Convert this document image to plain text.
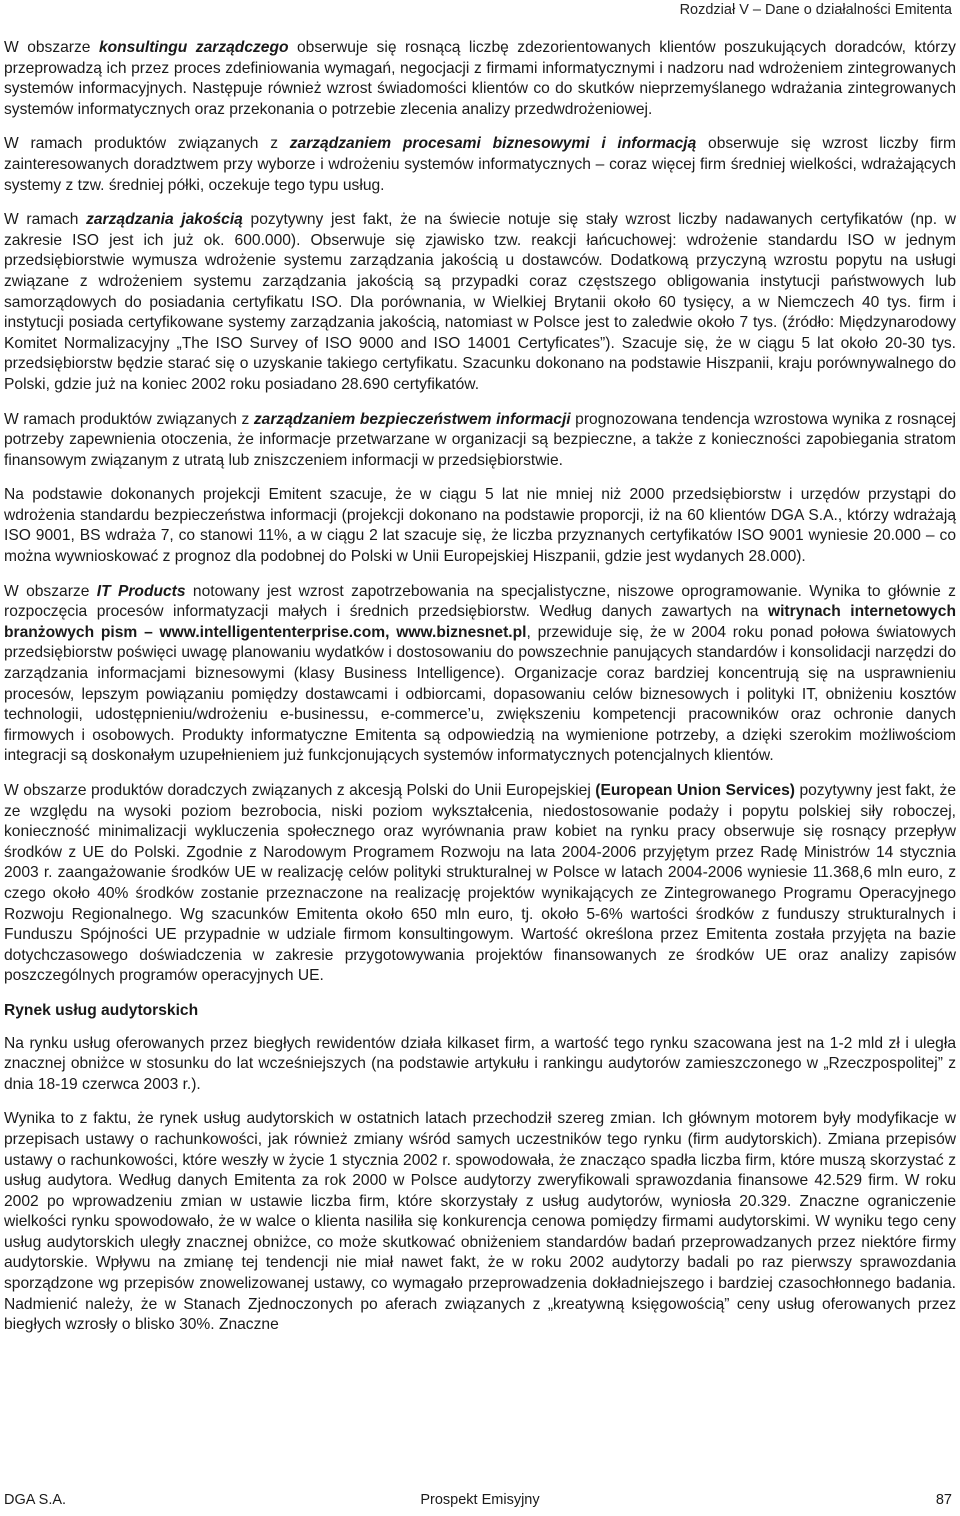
Rozdział V – Dane o działalności Emitenta

W obszarze konsultingu zarządczego obserwuje się rosnącą liczbę zdezorientowanych klientów poszukujących doradców, którzy przeprowadzą ich przez proces zdefiniowania wymagań, negocjacji z firmami informatycznymi i nadzoru nad wdrożeniem zintegrowanych systemów informacyjnych. Następuje również wzrost świadomości klientów co do skutków nieprzemyślanego wdrażania zintegrowanych systemów informatycznych oraz przekonania o potrzebie zlecenia analizy przedwdrożeniowej.

W ramach produktów związanych z zarządzaniem procesami biznesowymi i informacją obserwuje się wzrost liczby firm zainteresowanych doradztwem przy wyborze i wdrożeniu systemów informatycznych – coraz więcej firm średniej wielkości, wdrażających systemy z tzw. średniej półki, oczekuje tego typu usług.

W ramach zarządzania jakością pozytywny jest fakt, że na świecie notuje się stały wzrost liczby nadawanych certyfikatów (np. w zakresie ISO jest ich już ok. 600.000). Obserwuje się zjawisko tzw. reakcji łańcuchowej: wdrożenie standardu ISO w jednym przedsiębiorstwie wymusza wdrożenie systemu zarządzania jakością u dostawców. Dodatkową przyczyną wzrostu popytu na usługi związane z wdrożeniem systemu zarządzania jakością są przypadki coraz częstszego obligowania instytucji państwowych lub samorządowych do posiadania certyfikatu ISO. Dla porównania, w Wielkiej Brytanii około 60 tysięcy, a w Niemczech 40 tys. firm i instytucji posiada certyfikowane systemy zarządzania jakością, natomiast w Polsce jest to zaledwie około 7 tys. (źródło: Międzynarodowy Komitet Normalizacyjny „The ISO Survey of ISO 9000 and ISO 14001 Certyficates”). Szacuje się, że w ciągu 5 lat około 20-30 tys. przedsiębiorstw będzie starać się o uzyskanie takiego certyfikatu. Szacunku dokonano na podstawie Hiszpanii, kraju porównywalnego do Polski, gdzie już na koniec 2002 roku posiadano 28.690 certyfikatów.

W ramach produktów związanych z zarządzaniem bezpieczeństwem informacji prognozowana tendencja wzrostowa wynika z rosnącej potrzeby zapewnienia otoczenia, że informacje przetwarzane w organizacji są bezpieczne, a także z konieczności zapobiegania stratom finansowym związanym z utratą lub zniszczeniem informacji w przedsiębiorstwie.

Na podstawie dokonanych projekcji Emitent szacuje, że w ciągu 5 lat nie mniej niż 2000 przedsiębiorstw i urzędów przystąpi do wdrożenia standardu bezpieczeństwa informacji (projekcji dokonano na podstawie proporcji, iż na 60 klientów DGA S.A., którzy wdrażają ISO 9001, BS wdraża 7, co stanowi 11%, a w ciągu 2 lat szacuje się, że liczba przyznanych certyfikatów ISO 9001 wyniesie 20.000 – co można wywnioskować z prognoz dla podobnej do Polski w Unii Europejskiej Hiszpanii, gdzie jest wydanych 28.000).

W obszarze IT Products notowany jest wzrost zapotrzebowania na specjalistyczne, niszowe oprogramowanie. Wynika to głównie z rozpoczęcia procesów informatyzacji małych i średnich przedsiębiorstw. Według danych zawartych na witrynach internetowych branżowych pism – www.intelligententerprise.com, www.biznesnet.pl, przewiduje się, że w 2004 roku ponad połowa światowych przedsiębiorstw poświęci uwagę planowaniu wydatków i dostosowaniu do powszechnie panujących standardów i konsolidacji narzędzi do zarządzania informacjami biznesowymi (klasy Business Intelligence). Organizacje coraz bardziej koncentrują się na usprawnieniu procesów, lepszym powiązaniu pomiędzy dostawcami i odbiorcami, dopasowaniu celów biznesowych i polityki IT, obniżeniu kosztów technologii, udostępnieniu/wdrożeniu e-businessu, e-commerce’u, zwiększeniu kompetencji pracowników oraz ochronie danych firmowych i osobowych. Produkty informatyczne Emitenta są odpowiedzią na wymienione potrzeby, a dzięki szerokim możliwościom integracji są doskonałym uzupełnieniem już funkcjonujących systemów informatycznych potencjalnych klientów.

W obszarze produktów doradczych związanych z akcesją Polski do Unii Europejskiej (European Union Services) pozytywny jest fakt, że ze względu na wysoki poziom bezrobocia, niski poziom wykształcenia, niedostosowanie podaży i popytu polskiej siły roboczej, konieczność minimalizacji wykluczenia społecznego oraz wyrównania praw kobiet na rynku pracy obserwuje się rosnący przepływ środków z UE do Polski. Zgodnie z Narodowym Programem Rozwoju na lata 2004-2006 przyjętym przez Radę Ministrów 14 stycznia 2003 r. zaangażowanie środków UE w realizację celów polityki strukturalnej w Polsce w latach 2004-2006 wyniesie 11.368,6 mln euro, z czego około 40% środków zostanie przeznaczone na realizację projektów wynikających ze Zintegrowanego Programu Operacyjnego Rozwoju Regionalnego. Wg szacunków Emitenta około 650 mln euro, tj. około 5-6% wartości środków z funduszy strukturalnych i Funduszu Spójności UE przypadnie w udziale firmom konsultingowym. Wartość określona przez Emitenta została przyjęta na bazie dotychczasowego doświadczenia w zakresie przygotowywania projektów finansowanych ze środków UE oraz analizy zapisów poszczególnych programów operacyjnych UE.

Rynek usług audytorskich

Na rynku usług oferowanych przez biegłych rewidentów działa kilkaset firm, a wartość tego rynku szacowana jest na 1-2 mld zł i uległa znacznej obniżce w stosunku do lat wcześniejszych (na podstawie artykułu i rankingu audytorów zamieszczonego w „Rzeczpospolitej” z dnia 18-19 czerwca 2003 r.).

Wynika to z faktu, że rynek usług audytorskich w ostatnich latach przechodził szereg zmian. Ich głównym motorem były modyfikacje w przepisach ustawy o rachunkowości, jak również zmiany wśród samych uczestników tego rynku (firm audytorskich). Zmiana przepisów ustawy o rachunkowości, które weszły w życie 1 stycznia 2002 r. spowodowała, że znacząco spadła liczba firm, które muszą skorzystać z usług audytora. Według danych Emitenta za rok 2000 w Polsce audytorzy zweryfikowali sprawozdania finansowe 42.529 firm. W roku 2002 po wprowadzeniu zmian w ustawie liczba firm, które skorzystały z usług audytorów, wyniosła 20.329. Znaczne ograniczenie wielkości rynku spowodowało, że w walce o klienta nasiliła się konkurencja cenowa pomiędzy firmami audytorskimi. W wyniku tego ceny usług audytorskich uległy znacznej obniżce, co może skutkować obniżeniem standardów badań przeprowadzanych przez niektóre firmy audytorskie. Wpływu na zmianę tej tendencji nie miał nawet fakt, że w roku 2002 audytorzy badali po raz pierwszy sprawozdania sporządzone wg przepisów znowelizowanej ustawy, co wymagało przeprowadzenia dokładniejszego i bardziej czasochłonnego badania. Nadmienić należy, że w Stanach Zjednoczonych po aferach związanych z „kreatywną księgowością” ceny usług oferowanych przez biegłych wzrosły o blisko 30%. Znaczne

DGA S.A.	Prospekt Emisyjny	87
